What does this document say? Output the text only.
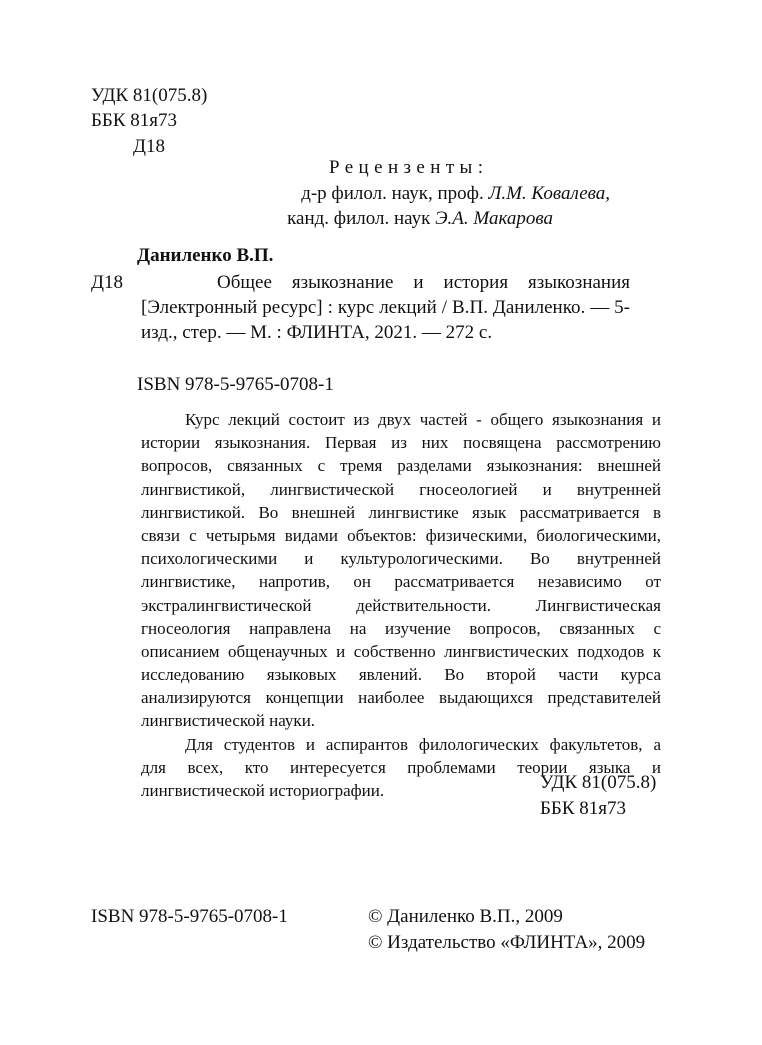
УДК 81(075.8)
ББК 81я73
Д18
Рецензенты:
д-р филол. наук, проф. Л.М. Ковалева,
канд. филол. наук Э.А. Макарова
Даниленко В.П.
Д18	Общее языкознание и история языкознания
[Электронный ресурс] : курс лекций / В.П. Даниленко. — 5-
изд., стер. — М. : ФЛИНТА, 2021. — 272 с.
ISBN 978-5-9765-0708-1
Курс лекций состоит из двух частей - общего языкознания и
истории языкознания. Первая из них посвящена рассмотрению
вопросов, связанных с тремя разделами языкознания: внешней
лингвистикой, лингвистической гносеологией и внутренней
лингвистикой. Во внешней лингвистике язык рассматривается в
связи с четырьмя видами объектов: физическими, биологическими,
психологическими и культурологическими. Во внутренней
лингвистике, напротив, он рассматривается независимо от
экстралингвистической действительности. Лингвистическая
гносеология направлена на изучение вопросов, связанных с
описанием общенаучных и собственно лингвистических подходов к
исследованию языковых явлений. Во второй части курса
анализируются концепции наиболее выдающихся представителей
лингвистической науки.
Для студентов и аспирантов филологических факультетов, а
для всех, кто интересуется проблемами теории языка и
лингвистической историографии.	УДК 81(075.8)
ББК 81я73
ISBN 978-5-9765-0708-1	© Даниленко В.П., 2009
© Издательство «ФЛИНТА», 2009
